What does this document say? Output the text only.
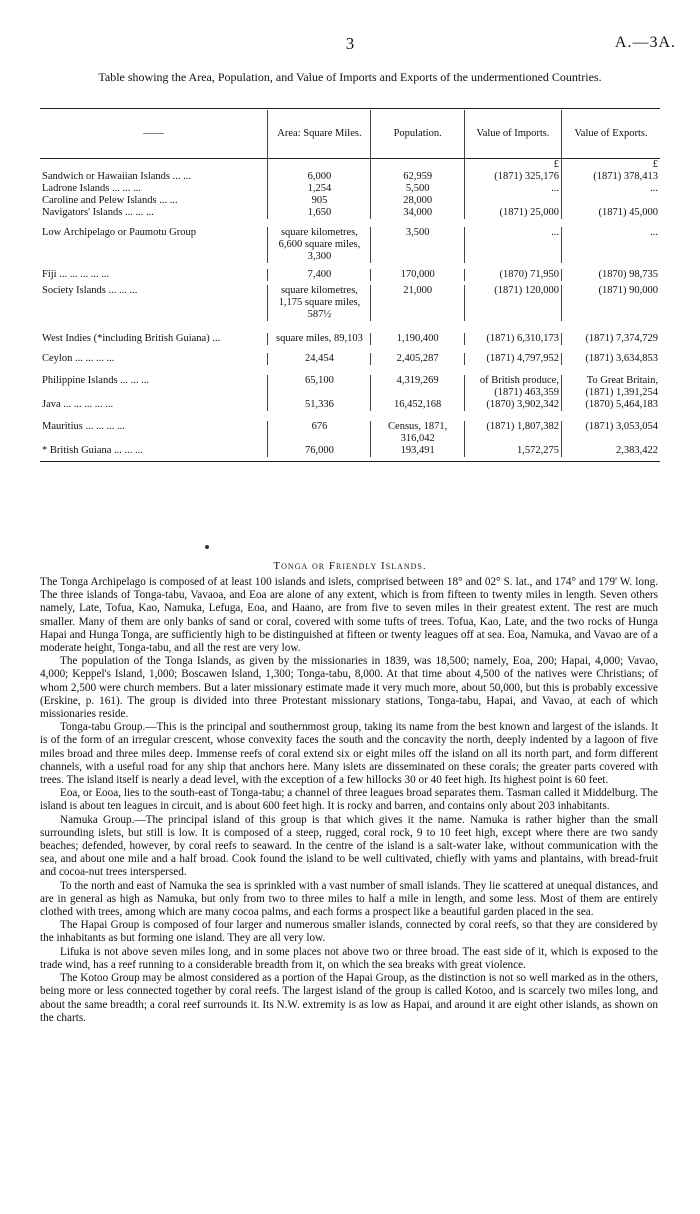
3	A.—3A.
Table showing the Area, Population, and Value of Imports and Exports of the undermentioned Countries.
——	Area: Square Miles.	Population.	Value of Imports.	Value of Exports.
			£	£
Sandwich or Hawaiian Islands ... ...	6,000	62,959	(1871) 325,176	(1871) 378,413
Ladrone Islands ... ... ...	1,254	5,500	...	...
Caroline and Pelew Islands ... ...	905	28,000		
Navigators' Islands ... ... ...	1,650	34,000	(1871) 25,000	(1871) 45,000

Low Archipelago or Paumotu Group	square kilometres, 6,600 square miles, 3,300	3,500	...	...

Fiji ... ... ... ... ...	7,400	170,000	(1870) 71,950	(1870) 98,735

Society Islands ... ... ...	square kilometres, 1,175 square miles, 587½	21,000	(1871) 120,000	(1871) 90,000

West Indies (*including British Guiana) ...	square miles, 89,103	1,190,400	(1871) 6,310,173	(1871) 7,374,729

Ceylon ... ... ... ...	24,454	2,405,287	(1871) 4,797,952	(1871) 3,634,853

Philippine Islands ... ... ...	65,100	4,319,269	of British produce, (1871) 463,359	To Great Britain, (1871) 1,391,254
Java ... ... ... ... ...	51,336	16,452,168	(1870) 3,902,342	(1870) 5,464,183

Mauritius ... ... ... ...	676	Census, 1871, 316,042	(1871) 1,807,382	(1871) 3,053,054
* British Guiana ... ... ...	76,000	193,491	1,572,275	2,383,422
Tonga or Friendly Islands.

The Tonga Archipelago is composed of at least 100 islands and islets, comprised between 18° and 02° S. lat., and 174° and 179' W. long. The three islands of Tonga-tabu, Vavaoa, and Eoa are alone of any extent, which is from fifteen to twenty miles in length. Seven others namely, Late, Tofua, Kao, Namuka, Lefuga, Eoa, and Haano, are from five to seven miles in their greatest extent. The rest are much smaller. Many of them are only banks of sand or coral, covered with some tufts of trees. Tofua, Kao, Late, and the two rocks of Hunga Hapai and Hunga Tonga, are sufficiently high to be distinguished at fifteen or twenty leagues off at sea. Eoa, Namuka, and Vavao are of a moderate height, Tonga-tabu, and all the rest are very low.

The population of the Tonga Islands, as given by the missionaries in 1839, was 18,500; namely, Eoa, 200; Hapai, 4,000; Vavao, 4,000; Keppel's Island, 1,000; Boscawen Island, 1,300; Tonga-tabu, 8,000. At that time about 4,500 of the natives were Christians; of whom 2,500 were church members. But a later missionary estimate made it very much more, about 50,000, but this is probably excessive (Erskine, p. 161). The group is divided into three Protestant missionary stations, Tonga-tabu, Hapai, and Vavao, at each of which missionaries reside.

Tonga-tabu Group.—This is the principal and southernmost group, taking its name from the best known and largest of the islands. It is of the form of an irregular crescent, whose convexity faces the south and the concavity the north, deeply indented by a lagoon of five miles broad and three miles deep. Immense reefs of coral extend six or eight miles off the island on all its north part, and form different channels, with a useful road for any ship that anchors here. Many islets are disseminated on these corals; the greater parts covered with trees. The island itself is nearly a dead level, with the exception of a few hillocks 30 or 40 feet high. Its highest point is 60 feet.

Eoa, or Eooa, lies to the south-east of Tonga-tabu; a channel of three leagues broad separates them. Tasman called it Middelburg. The island is about ten leagues in circuit, and is about 600 feet high. It is rocky and barren, and contains only about 203 inhabitants.

Namuka Group.—The principal island of this group is that which gives it the name. Namuka is rather higher than the small surrounding islets, but still is low. It is composed of a steep, rugged, coral rock, 9 to 10 feet high, except where there are two sandy beaches; defended, however, by coral reefs to seaward. In the centre of the island is a salt-water lake, without communication with the sea, and about one mile and a half broad. Cook found the island to be well cultivated, chiefly with yams and plantains, with bread-fruit and cocoa-nut trees interspersed.

To the north and east of Namuka the sea is sprinkled with a vast number of small islands. They lie scattered at unequal distances, and are in general as high as Namuka, but only from two to three miles to half a mile in length, and some less. Most of them are entirely clothed with trees, among which are many cocoa palms, and each forms a prospect like a beautiful garden placed in the sea.

The Hapai Group is composed of four larger and numerous smaller islands, connected by coral reefs, so that they are considered by the inhabitants as but forming one island. They are all very low.

Lifuka is not above seven miles long, and in some places not above two or three broad. The east side of it, which is exposed to the trade wind, has a reef running to a considerable breadth from it, on which the sea breaks with great violence.

The Kotoo Group may be almost considered as a portion of the Hapai Group, as the distinction is not so well marked as in the others, being more or less connected together by coral reefs. The largest island of the group is called Kotoo, and is scarcely two miles long, and about the same breadth; a coral reef surrounds it. Its N.W. extremity is as low as Hapai, and around it are eight other islands, as shown on the charts.
